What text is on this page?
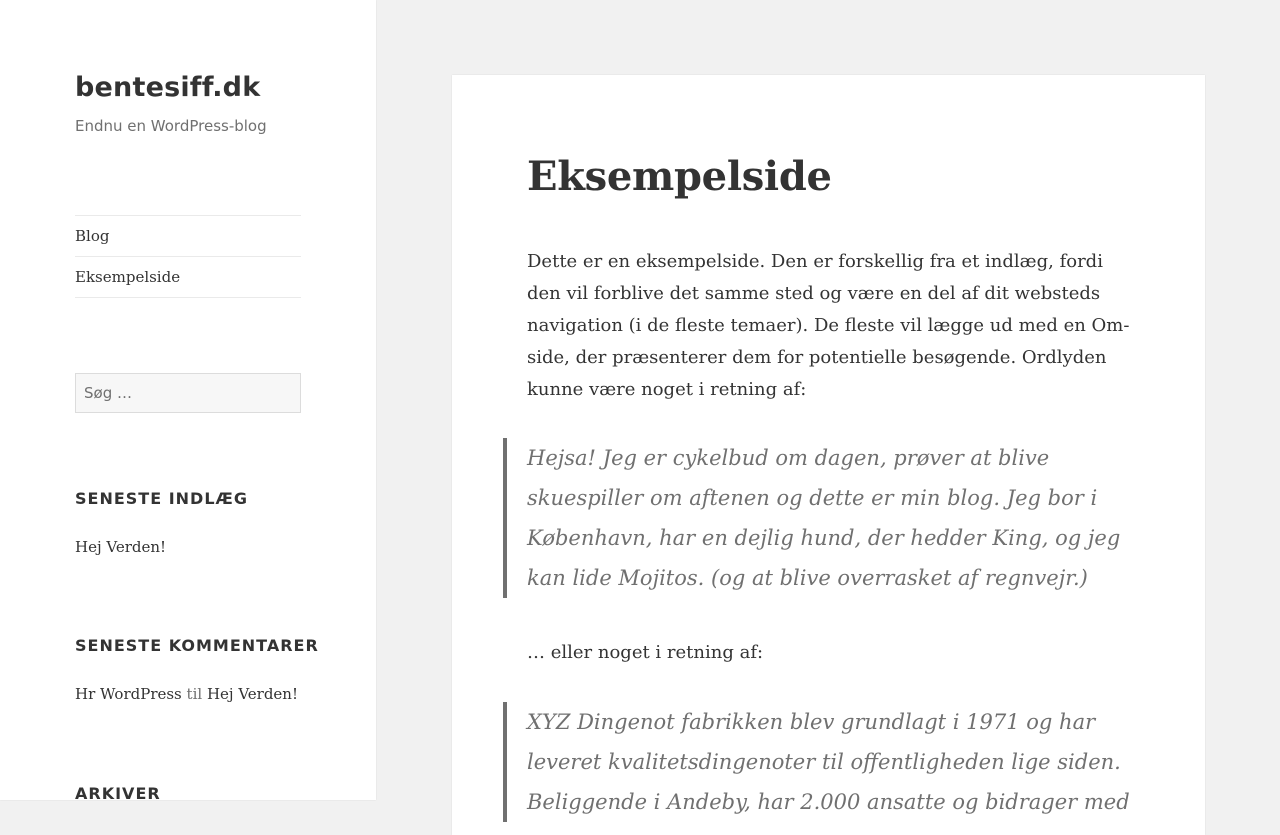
bentesiff.dk
Endnu en WordPress-blog
Blog
Eksempelside
Søg …
SENESTE INDLÆG
Hej Verden!
SENESTE KOMMENTARER
Hr WordPress til Hej Verden!
ARKIVER
Eksempelside

Dette er en eksempelside. Den er forskellig fra et indlæg, fordi den vil forblive det samme sted og være en del af dit websteds navigation (i de fleste temaer). De fleste vil lægge ud med en Om-side, der præsenterer dem for potentielle besøgende. Ordlyden kunne være noget i retning af:

Hejsa! Jeg er cykelbud om dagen, prøver at blive skuespiller om aftenen og dette er min blog. Jeg bor i København, har en dejlig hund, der hedder King, og jeg kan lide Mojitos. (og at blive overrasket af regnvejr.)

… eller noget i retning af:

XYZ Dingenot fabrikken blev grundlagt i 1971 og har leveret kvalitetsdingenoter til offentligheden lige siden. Beliggende i Andeby, har 2.000 ansatte og bidrager med
